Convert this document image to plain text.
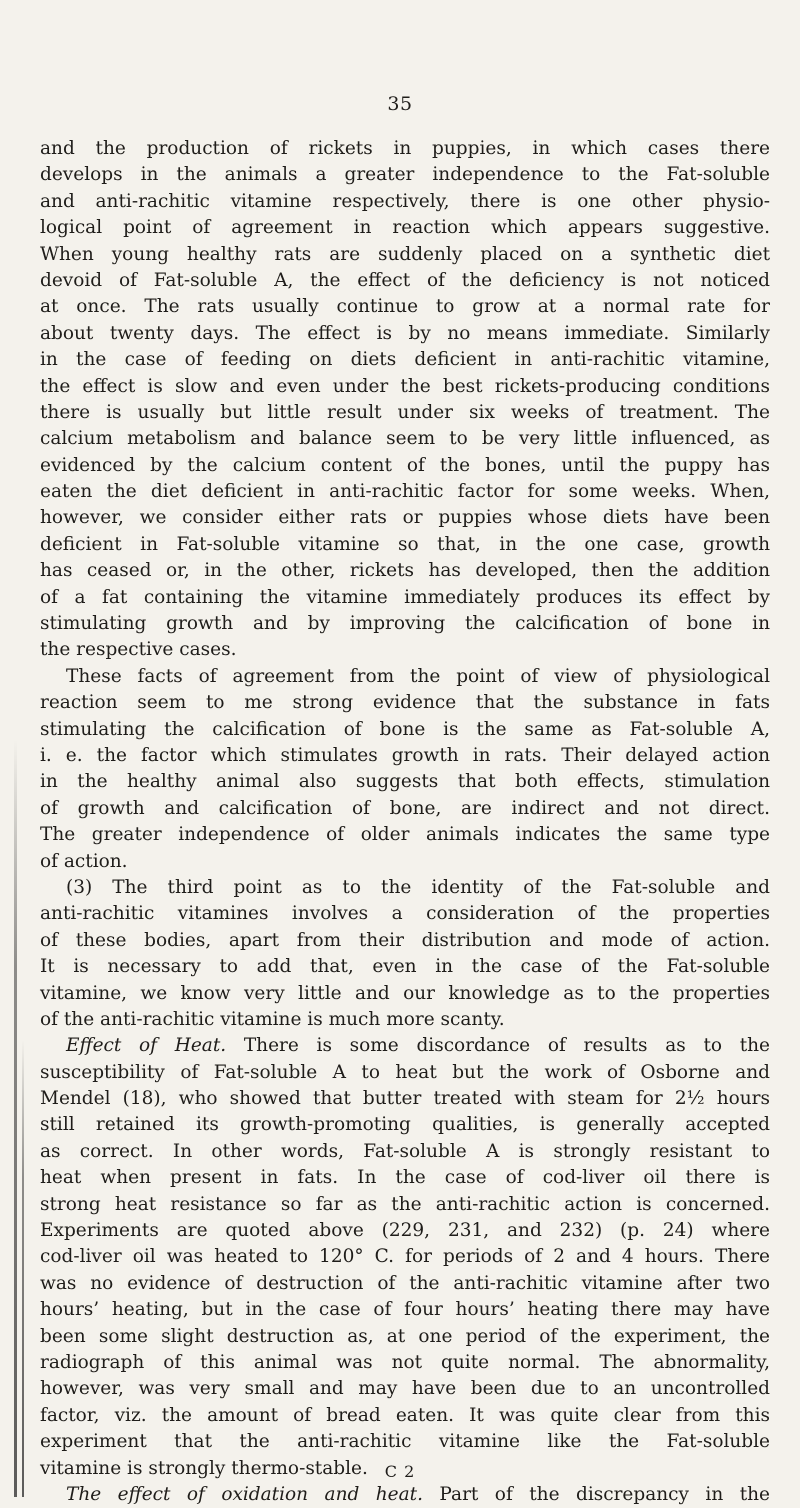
35
and the production of rickets in puppies, in which cases there
develops in the animals a greater independence to the Fat-soluble
and anti-rachitic vitamine respectively, there is one other physio-
logical point of agreement in reaction which appears suggestive.
When young healthy rats are suddenly placed on a synthetic diet
devoid of Fat-soluble A, the effect of the deficiency is not noticed
at once. The rats usually continue to grow at a normal rate for
about twenty days. The effect is by no means immediate. Similarly
in the case of feeding on diets deficient in anti-rachitic vitamine,
the effect is slow and even under the best rickets-producing conditions
there is usually but little result under six weeks of treatment. The
calcium metabolism and balance seem to be very little influenced, as
evidenced by the calcium content of the bones, until the puppy has
eaten the diet deficient in anti-rachitic factor for some weeks. When,
however, we consider either rats or puppies whose diets have been
deficient in Fat-soluble vitamine so that, in the one case, growth
has ceased or, in the other, rickets has developed, then the addition
of a fat containing the vitamine immediately produces its effect by
stimulating growth and by improving the calcification of bone in
the respective cases.
These facts of agreement from the point of view of physiological
reaction seem to me strong evidence that the substance in fats
stimulating the calcification of bone is the same as Fat-soluble A,
i. e. the factor which stimulates growth in rats. Their delayed action
in the healthy animal also suggests that both effects, stimulation
of growth and calcification of bone, are indirect and not direct.
The greater independence of older animals indicates the same type
of action.
(3) The third point as to the identity of the Fat-soluble and
anti-rachitic vitamines involves a consideration of the properties
of these bodies, apart from their distribution and mode of action.
It is necessary to add that, even in the case of the Fat-soluble
vitamine, we know very little and our knowledge as to the properties
of the anti-rachitic vitamine is much more scanty.
Effect of Heat. There is some discordance of results as to the
susceptibility of Fat-soluble A to heat but the work of Osborne and
Mendel (18), who showed that butter treated with steam for 2½ hours
still retained its growth-promoting qualities, is generally accepted
as correct. In other words, Fat-soluble A is strongly resistant to
heat when present in fats. In the case of cod-liver oil there is
strong heat resistance so far as the anti-rachitic action is concerned.
Experiments are quoted above (229, 231, and 232) (p. 24) where
cod-liver oil was heated to 120° C. for periods of 2 and 4 hours. There
was no evidence of destruction of the anti-rachitic vitamine after two
hours’ heating, but in the case of four hours’ heating there may have
been some slight destruction as, at one period of the experiment, the
radiograph of this animal was not quite normal. The abnormality,
however, was very small and may have been due to an uncontrolled
factor, viz. the amount of bread eaten. It was quite clear from this
experiment that the anti-rachitic vitamine like the Fat-soluble
vitamine is strongly thermo-stable.
The effect of oxidation and heat. Part of the discrepancy in the
C 2
